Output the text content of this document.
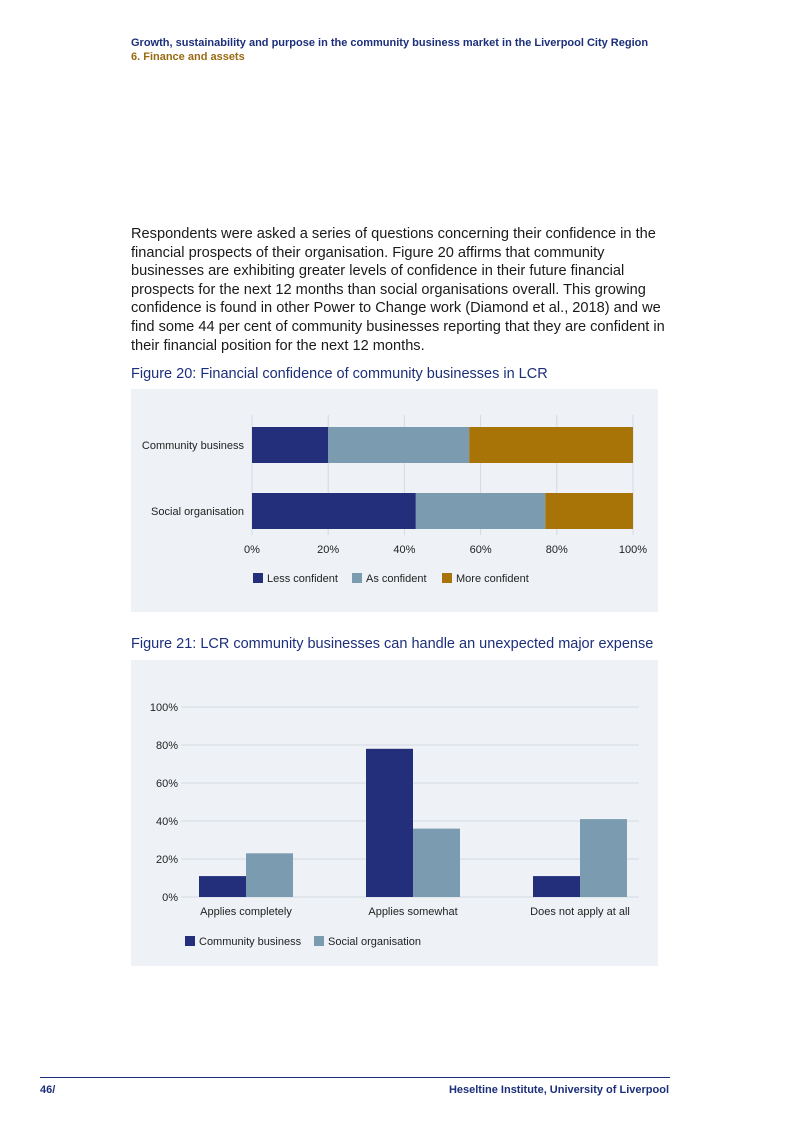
Growth, sustainability and purpose in the community business market in the Liverpool City Region
6. Finance and assets
Respondents were asked a series of questions concerning their confidence in the financial prospects of their organisation. Figure 20 affirms that community businesses are exhibiting greater levels of confidence in their future financial prospects for the next 12 months than social organisations overall. This growing confidence is found in other Power to Change work (Diamond et al., 2018) and we find some 44 per cent of community businesses reporting that they are confident in their financial position for the next 12 months.
Figure 20: Financial confidence of community businesses in LCR
0%	20%	40%	60%	80%	100%
Community business
Social organisation
Less confident	As confident	More confident
Figure 21: LCR community businesses can handle an unexpected major expense
0%
20%
40%
60%
80%
100%
Applies completely	Applies somewhat	Does not apply at all
Community business Social organisation
46/	Heseltine Institute, University of Liverpool
